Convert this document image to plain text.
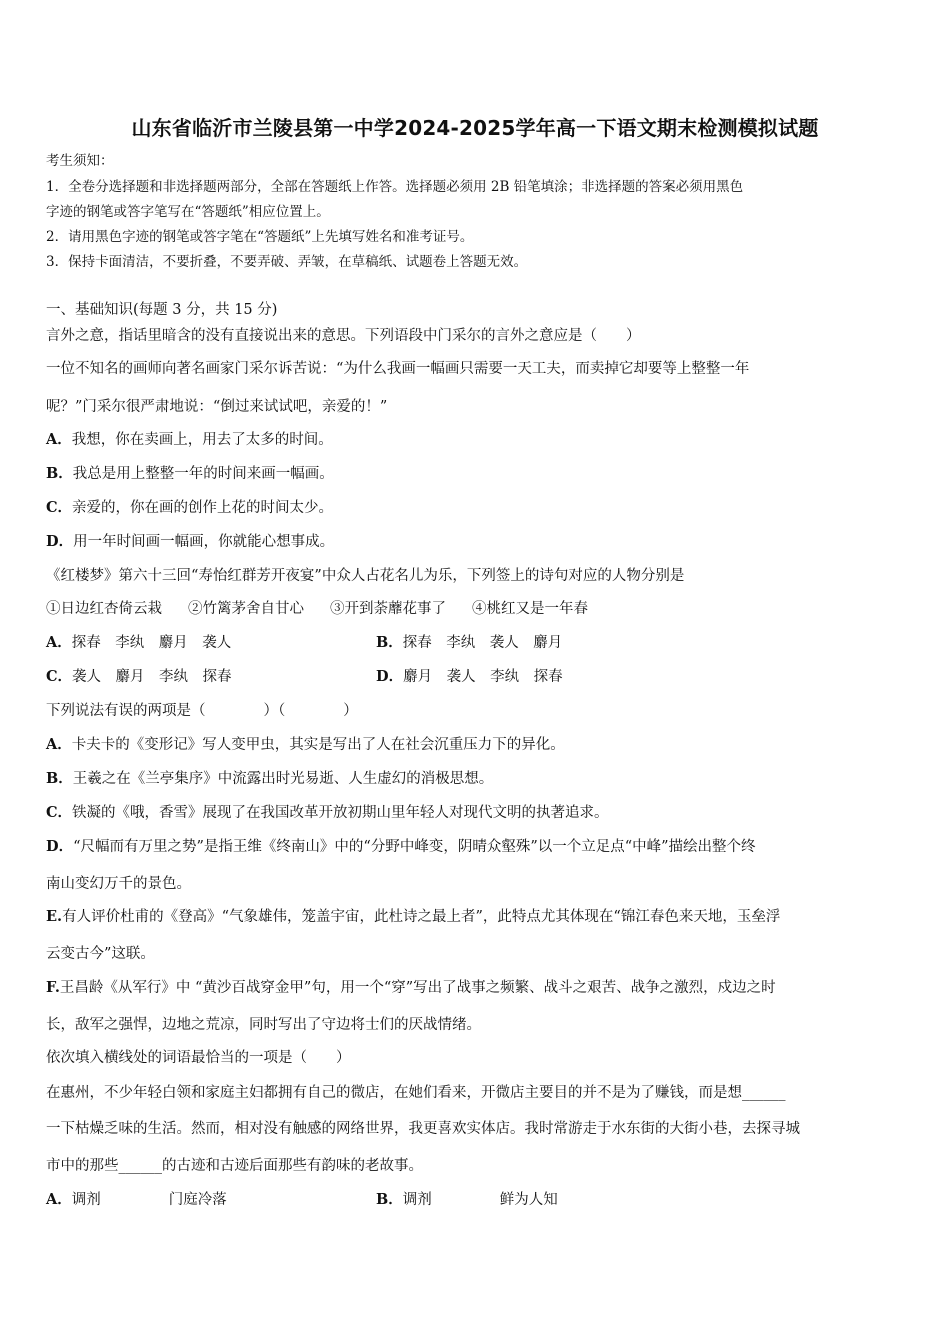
山东省临沂市兰陵县第一中学2024-2025学年高一下语文期末检测模拟试题
考生须知：
1．全卷分选择题和非选择题两部分，全部在答题纸上作答。选择题必须用 2B 铅笔填涂；非选择题的答案必须用黑色
字迹的钢笔或答字笔写在“答题纸”相应位置上。
2．请用黑色字迹的钢笔或答字笔在“答题纸”上先填写姓名和准考证号。
3．保持卡面清洁，不要折叠，不要弄破、弄皱，在草稿纸、试题卷上答题无效。
一、基础知识(每题 3 分，共 15 分)
言外之意，指话里暗含的没有直接说出来的意思。下列语段中门采尔的言外之意应是（　　）
一位不知名的画师向著名画家门采尔诉苦说：“为什么我画一幅画只需要一天工夫，而卖掉它却要等上整整一年
呢？”门采尔很严肃地说：“倒过来试试吧，亲爱的！”
A．我想，你在卖画上，用去了太多的时间。
B．我总是用上整整一年的时间来画一幅画。
C．亲爱的，你在画的创作上花的时间太少。
D．用一年时间画一幅画，你就能心想事成。
《红楼梦》第六十三回“寿怡红群芳开夜宴”中众人占花名儿为乐，下列签上的诗句对应的人物分别是
①日边红杏倚云栽 ②竹篱茅舍自甘心 ③开到荼蘼花事了 ④桃红又是一年春
A．探春　李纨　麝月　袭人	B．探春　李纨　袭人　麝月
C．袭人　麝月　李纨　探春	D．麝月　袭人　李纨　探春
下列说法有误的两项是（　　　　）（　　　　）
A．卡夫卡的《变形记》写人变甲虫，其实是写出了人在社会沉重压力下的异化。
B．王羲之在《兰亭集序》中流露出时光易逝、人生虚幻的消极思想。
C．铁凝的《哦，香雪》展现了在我国改革开放初期山里年轻人对现代文明的执著追求。
D．“尺幅而有万里之势”是指王维《终南山》中的“分野中峰变，阴晴众壑殊”以一个立足点“中峰”描绘出整个终
南山变幻万千的景色。
E.有人评价杜甫的《登高》“气象雄伟，笼盖宇宙，此杜诗之最上者”，此特点尤其体现在“锦江春色来天地，玉垒浮
云变古今”这联。
F.王昌龄《从军行》中 “黄沙百战穿金甲”句，用一个“穿”写出了战事之频繁、战斗之艰苦、战争之激烈，戍边之时
长，敌军之强悍，边地之荒凉，同时写出了守边将士们的厌战情绪。
依次填入横线处的词语最恰当的一项是（　　）
在惠州，不少年轻白领和家庭主妇都拥有自己的微店，在她们看来，开微店主要目的并不是为了赚钱，而是想______
一下枯燥乏味的生活。然而，相对没有触感的网络世界，我更喜欢实体店。我时常游走于水东街的大街小巷，去探寻城
市中的那些______的古迹和古迹后面那些有韵味的老故事。
A．调剂	门庭冷落	B．调剂	鲜为人知
